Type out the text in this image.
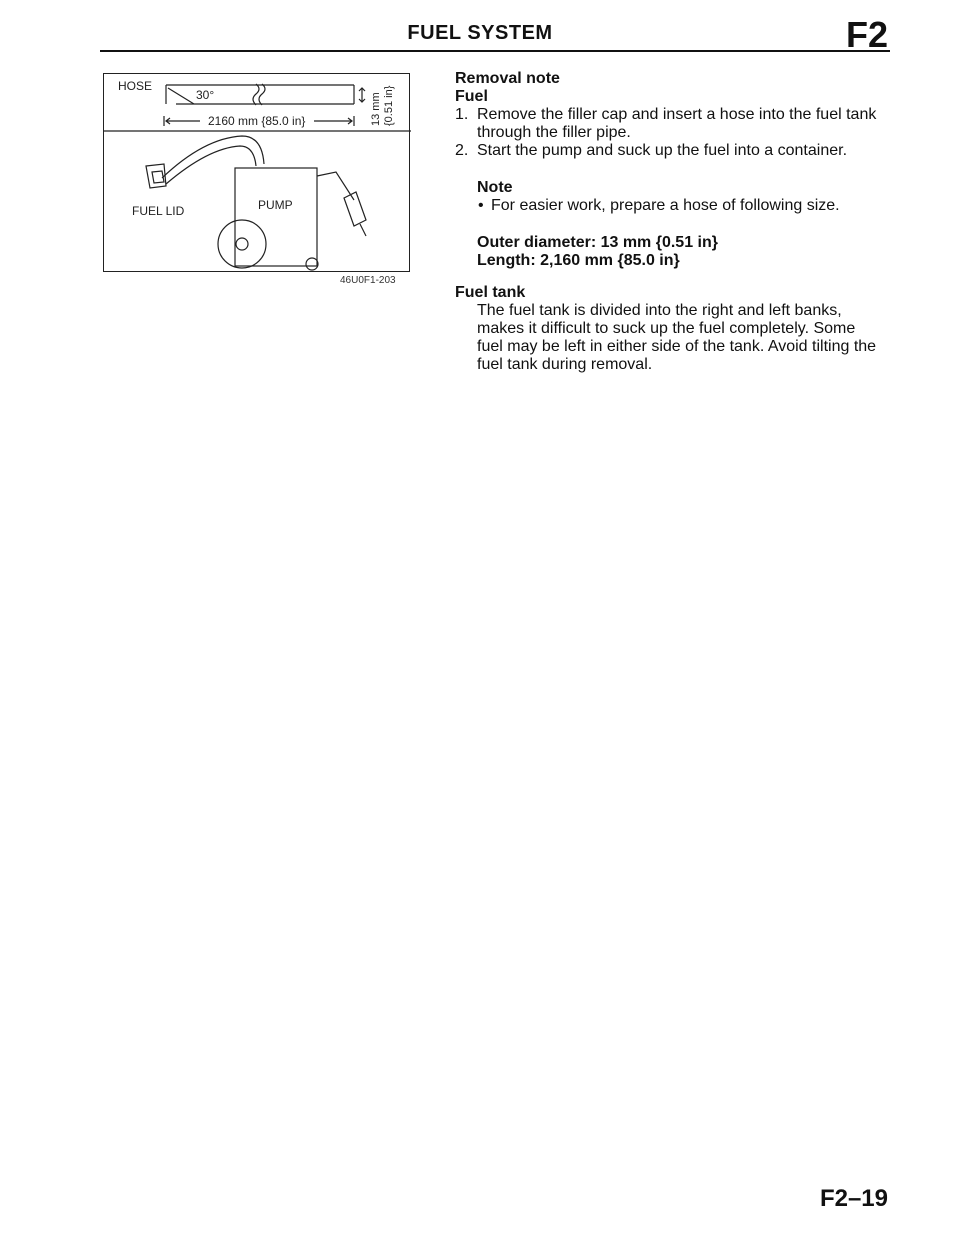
FUEL SYSTEM	F2
HOSE
30°
2160 mm {85.0 in}	13 mm {0.51 in}
FUEL LID	PUMP
46U0F1-203
Removal note
Fuel
1. Remove the filler cap and insert a hose into the fuel tank
through the filler pipe.
2. Start the pump and suck up the fuel into a container.
Note
• For easier work, prepare a hose of following size.
Outer diameter: 13 mm {0.51 in}
Length: 2,160 mm {85.0 in}
Fuel tank
The fuel tank is divided into the right and left banks,
makes it difficult to suck up the fuel completely. Some
fuel may be left in either side of the tank. Avoid tilting the
fuel tank during removal.
F2–19
